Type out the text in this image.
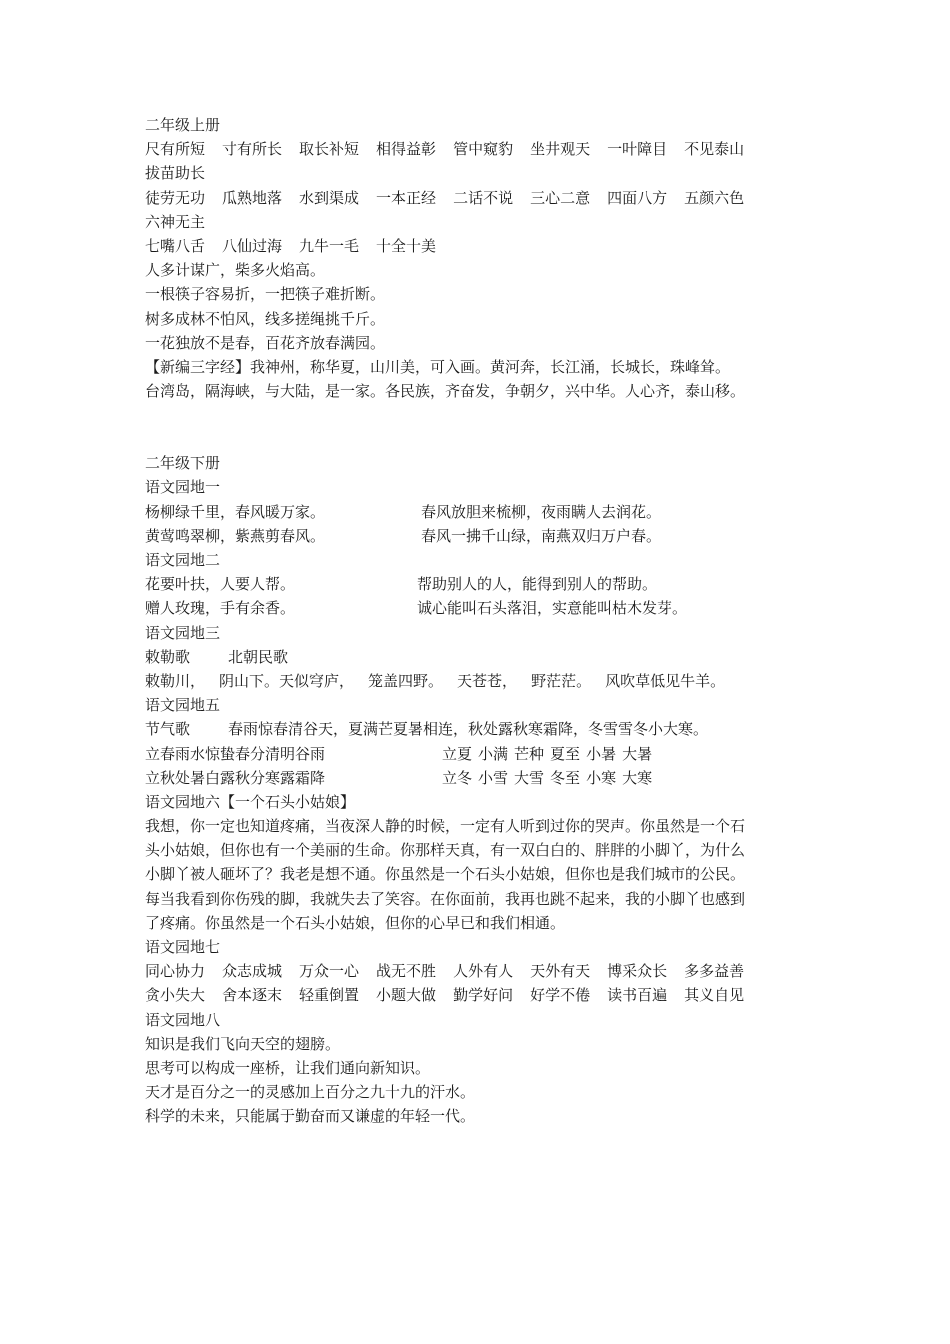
二年级上册
尺有所短 寸有所长 取长补短 相得益彰 管中窥豹 坐井观天 一叶障目 不见泰山
拔苗助长
徒劳无功 瓜熟地落 水到渠成 一本正经 二话不说 三心二意 四面八方 五颜六色
六神无主
七嘴八舌 八仙过海 九牛一毛 十全十美
人多计谋广，柴多火焰高。
一根筷子容易折，一把筷子难折断。
树多成林不怕风，线多搓绳挑千斤。
一花独放不是春，百花齐放春满园。
【新编三字经】我神州，称华夏，山川美，可入画。黄河奔，长江涌，长城长，珠峰耸。
台湾岛，隔海峡，与大陆，是一家。各民族，齐奋发，争朝夕，兴中华。人心齐，泰山移。
二年级下册
语文园地一
杨柳绿千里，春风暖万家。	春风放胆来梳柳，夜雨瞒人去润花。
黄莺鸣翠柳，紫燕剪春风。	春风一拂千山绿，南燕双归万户春。
语文园地二
花要叶扶，人要人帮。	帮助别人的人，能得到别人的帮助。
赠人玫瑰，手有余香。	诚心能叫石头落泪，实意能叫枯木发芽。
语文园地三
敕勒歌	北朝民歌
敕勒川， 阴山下。天似穹庐， 笼盖四野。 天苍苍， 野茫茫。 风吹草低见牛羊。
语文园地五
节气歌	春雨惊春清谷天，夏满芒夏暑相连，秋处露秋寒霜降，冬雪雪冬小大寒。
立春雨水惊蛰春分清明谷雨	立夏 小满 芒种 夏至 小暑 大暑
立秋处暑白露秋分寒露霜降	立冬 小雪 大雪 冬至 小寒 大寒
语文园地六【一个石头小姑娘】
我想，你一定也知道疼痛，当夜深人静的时候，一定有人听到过你的哭声。你虽然是一个石
头小姑娘，但你也有一个美丽的生命。你那样天真，有一双白白的、胖胖的小脚丫，为什么
小脚丫被人砸坏了？我老是想不通。你虽然是一个石头小姑娘，但你也是我们城市的公民。
每当我看到你伤残的脚，我就失去了笑容。在你面前，我再也跳不起来，我的小脚丫也感到
了疼痛。你虽然是一个石头小姑娘，但你的心早已和我们相通。
语文园地七
同心协力 众志成城 万众一心 战无不胜 人外有人 天外有天 博采众长 多多益善
贪小失大 舍本逐末 轻重倒置 小题大做 勤学好问 好学不倦 读书百遍 其义自见
语文园地八
知识是我们飞向天空的翅膀。
思考可以构成一座桥，让我们通向新知识。
天才是百分之一的灵感加上百分之九十九的汗水。
科学的未来，只能属于勤奋而又谦虚的年轻一代。
